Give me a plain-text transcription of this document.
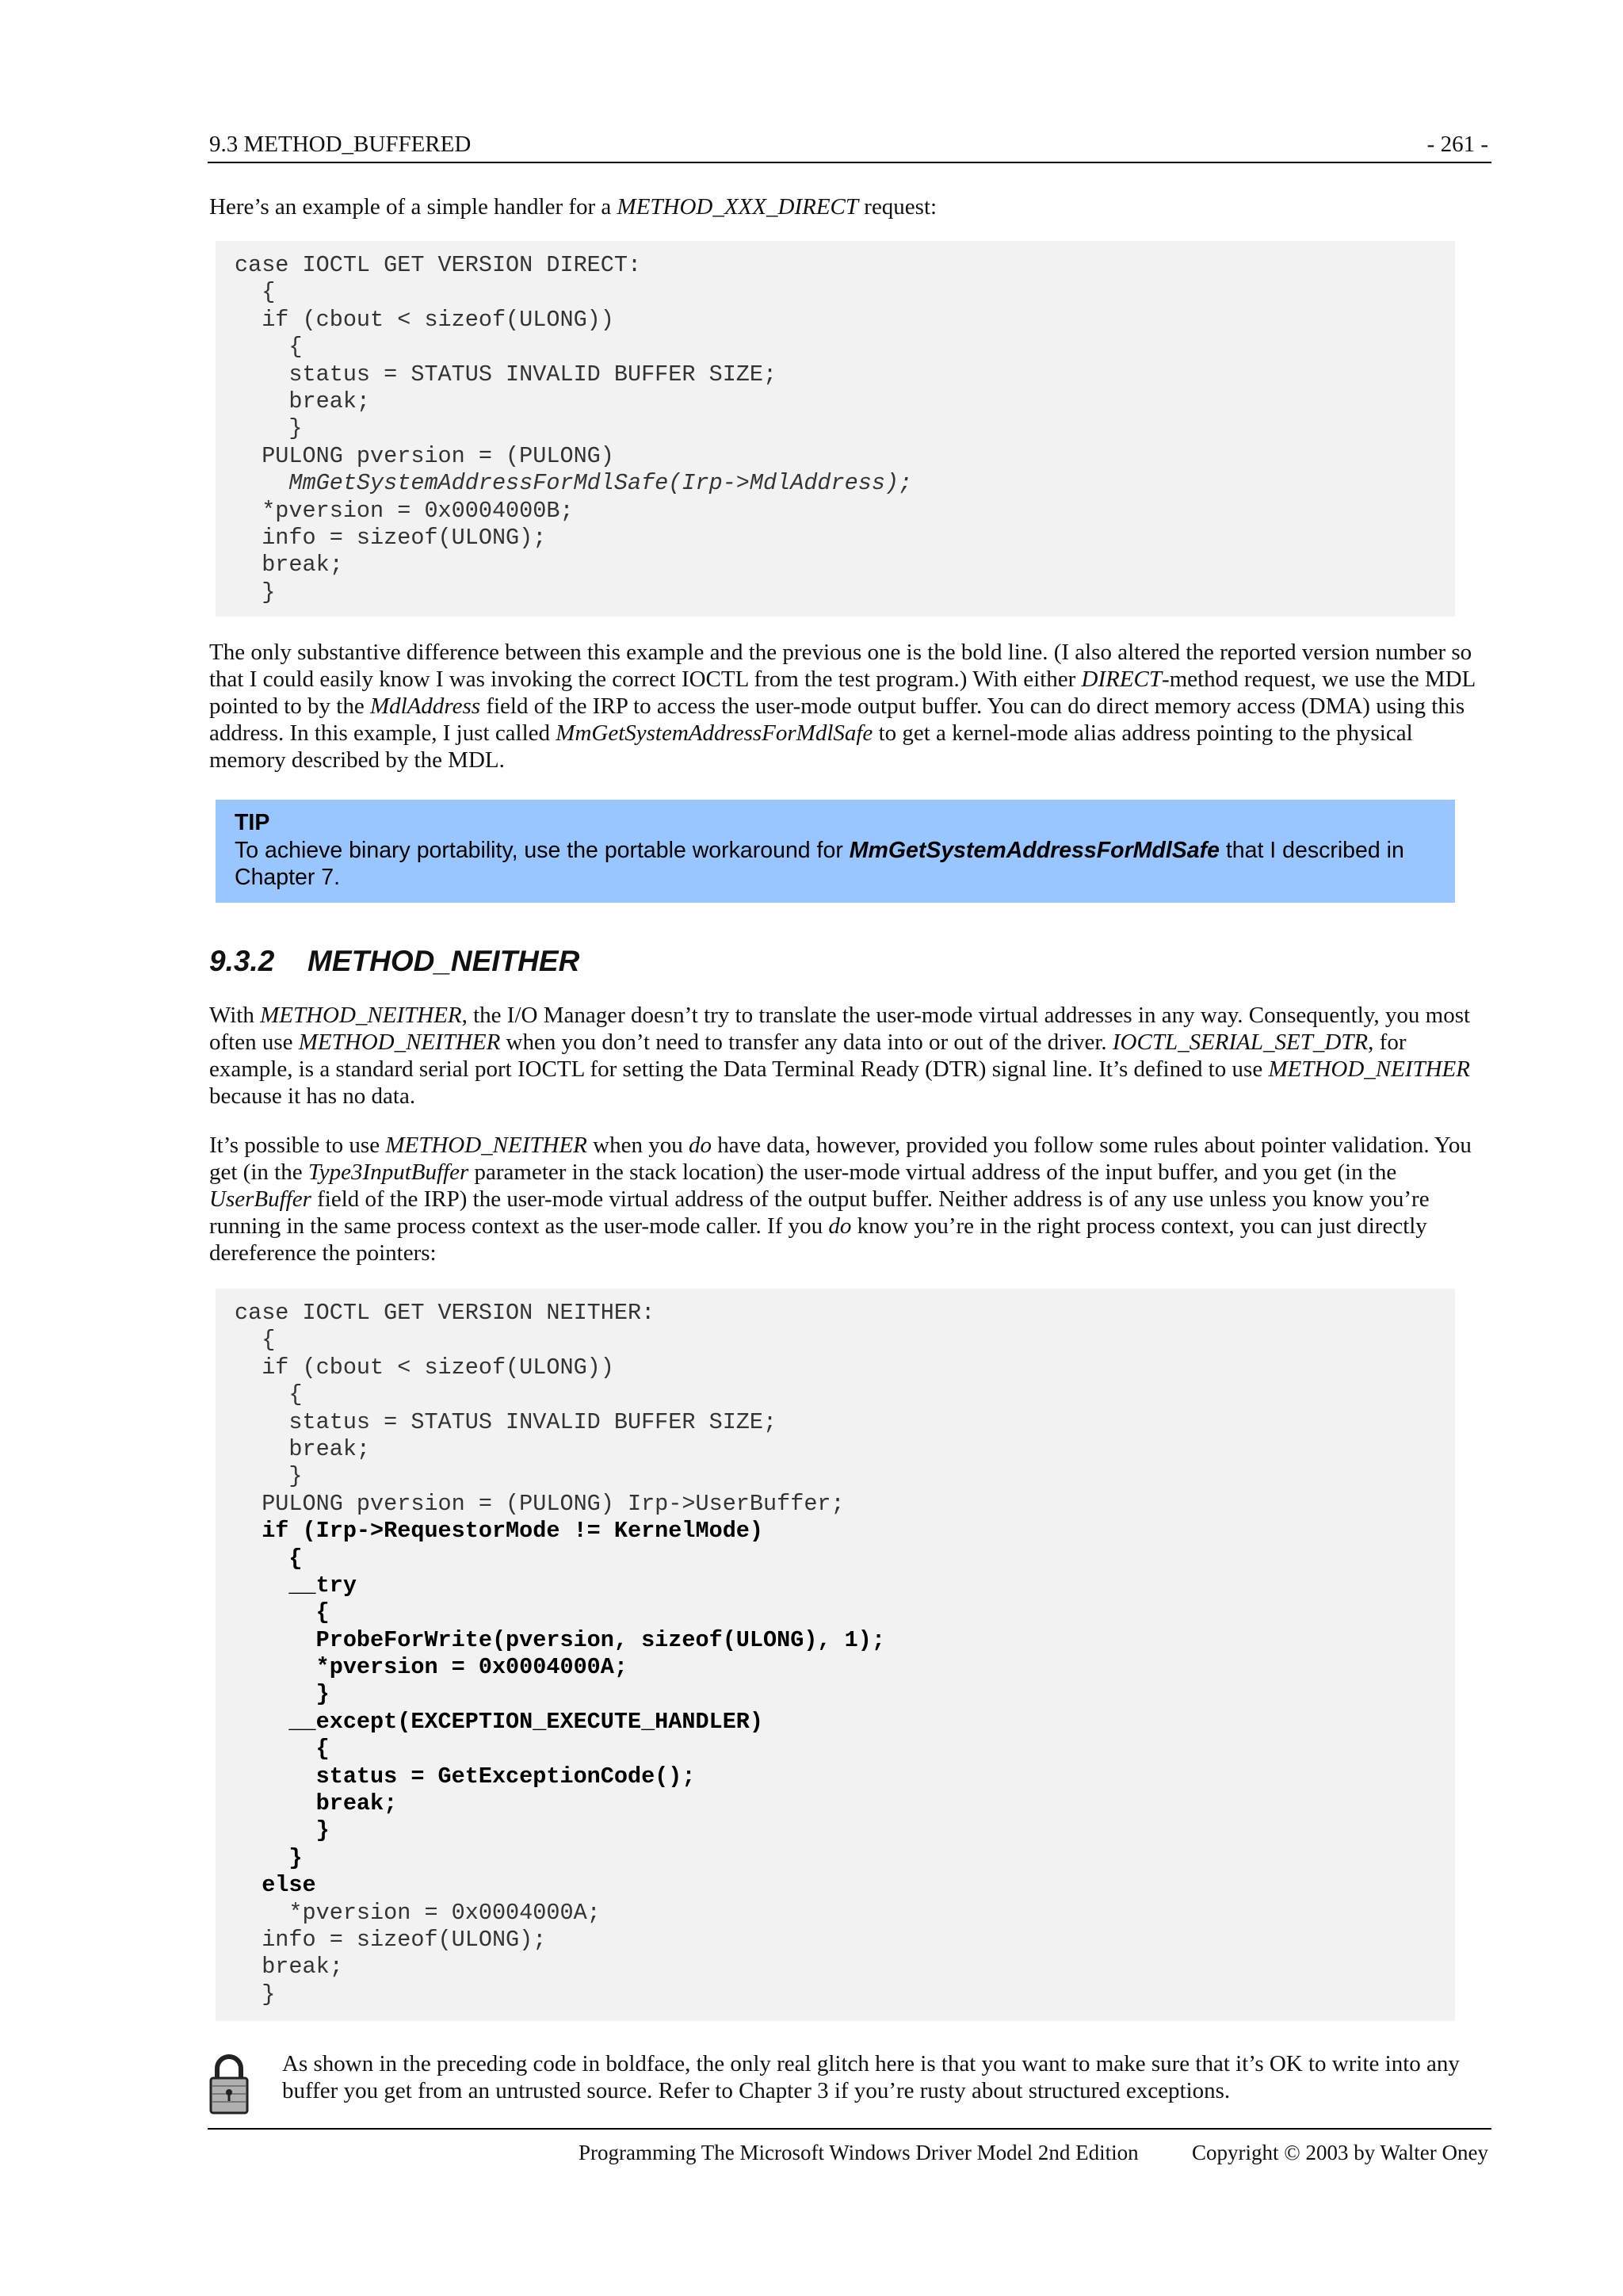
9.3 METHOD_BUFFERED	- 261 -
Here’s an example of a simple handler for a METHOD_XXX_DIRECT request:
case IOCTL GET VERSION DIRECT:
{
if (cbout < sizeof(ULONG))
{
status = STATUS INVALID BUFFER SIZE;
break;
}
PULONG pversion = (PULONG)
MmGetSystemAddressForMdlSafe(Irp->MdlAddress);
*pversion = 0x0004000B;
info = sizeof(ULONG);
break;
}
The only substantive difference between this example and the previous one is the bold line. (I also altered the reported version number so that I could easily know I was invoking the correct IOCTL from the test program.) With either DIRECT-method request, we use the MDL pointed to by the MdlAddress field of the IRP to access the user-mode output buffer. You can do direct memory access (DMA) using this address. In this example, I just called MmGetSystemAddressForMdlSafe to get a kernel-mode alias address pointing to the physical memory described by the MDL.
TIP
To achieve binary portability, use the portable workaround for MmGetSystemAddressForMdlSafe that I described in Chapter 7.
9.3.2 METHOD_NEITHER
With METHOD_NEITHER, the I/O Manager doesn’t try to translate the user-mode virtual addresses in any way. Consequently, you most often use METHOD_NEITHER when you don’t need to transfer any data into or out of the driver. IOCTL_SERIAL_SET_DTR, for example, is a standard serial port IOCTL for setting the Data Terminal Ready (DTR) signal line. It’s defined to use METHOD_NEITHER because it has no data.
It’s possible to use METHOD_NEITHER when you do have data, however, provided you follow some rules about pointer validation. You get (in the Type3InputBuffer parameter in the stack location) the user-mode virtual address of the input buffer, and you get (in the UserBuffer field of the IRP) the user-mode virtual address of the output buffer. Neither address is of any use unless you know you’re running in the same process context as the user-mode caller. If you do know you’re in the right process context, you can just directly dereference the pointers:
case IOCTL GET VERSION NEITHER:
{
if (cbout < sizeof(ULONG))
{
status = STATUS INVALID BUFFER SIZE;
break;
}
PULONG pversion = (PULONG) Irp->UserBuffer;
if (Irp->RequestorMode != KernelMode)
{
__try
{
ProbeForWrite(pversion, sizeof(ULONG), 1);
*pversion = 0x0004000A;
}
__except(EXCEPTION_EXECUTE_HANDLER)
{
status = GetExceptionCode();
break;
}
}
else
*pversion = 0x0004000A;
info = sizeof(ULONG);
break;
}
As shown in the preceding code in boldface, the only real glitch here is that you want to make sure that it’s OK to write into any buffer you get from an untrusted source. Refer to Chapter 3 if you’re rusty about structured exceptions.
Programming The Microsoft Windows Driver Model 2nd Edition Copyright © 2003 by Walter Oney
